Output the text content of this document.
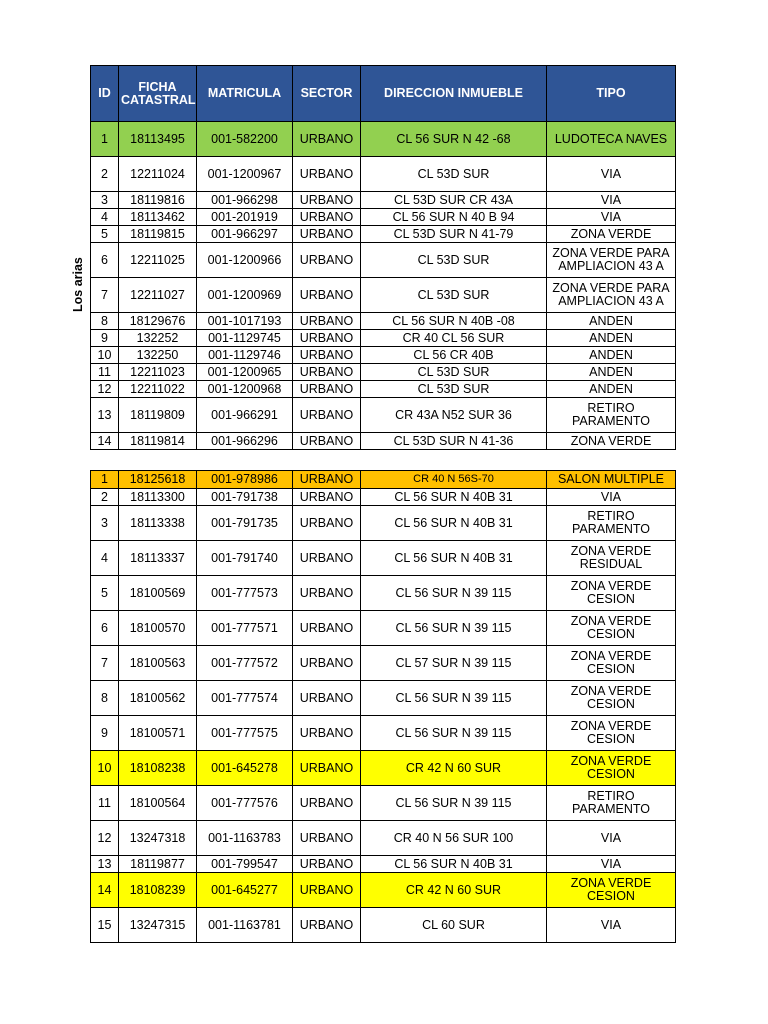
Los arias
ID	FICHA CATASTRAL	MATRICULA	SECTOR	DIRECCION INMUEBLE	TIPO
1	18113495	001-582200	URBANO	CL 56 SUR N 42 -68	LUDOTECA NAVES
2	12211024	001-1200967	URBANO	CL 53D SUR	VIA
3	18119816	001-966298	URBANO	CL 53D SUR CR 43A	VIA
4	18113462	001-201919	URBANO	CL 56 SUR N 40 B 94	VIA
5	18119815	001-966297	URBANO	CL 53D SUR N 41-79	ZONA VERDE
6	12211025	001-1200966	URBANO	CL 53D SUR	ZONA VERDE PARA AMPLIACION 43 A
7	12211027	001-1200969	URBANO	CL 53D SUR	ZONA VERDE PARA AMPLIACION 43 A
8	18129676	001-1017193	URBANO	CL 56 SUR N 40B -08	ANDEN
9	132252	001-1129745	URBANO	CR 40 CL 56 SUR	ANDEN
10	132250	001-1129746	URBANO	CL 56 CR 40B	ANDEN
11	12211023	001-1200965	URBANO	CL 53D SUR	ANDEN
12	12211022	001-1200968	URBANO	CL 53D SUR	ANDEN
13	18119809	001-966291	URBANO	CR 43A N52 SUR 36	RETIRO PARAMENTO
14	18119814	001-966296	URBANO	CL 53D SUR N 41-36	ZONA VERDE
1	18125618	001-978986	URBANO	CR 40 N 56S-70	SALON MULTIPLE
2	18113300	001-791738	URBANO	CL 56 SUR N 40B 31	VIA
3	18113338	001-791735	URBANO	CL 56 SUR N 40B 31	RETIRO PARAMENTO
4	18113337	001-791740	URBANO	CL 56 SUR N 40B 31	ZONA VERDE RESIDUAL
5	18100569	001-777573	URBANO	CL 56 SUR N 39 115	ZONA VERDE CESION
6	18100570	001-777571	URBANO	CL 56 SUR N 39 115	ZONA VERDE CESION
7	18100563	001-777572	URBANO	CL 57 SUR N 39 115	ZONA VERDE CESION
8	18100562	001-777574	URBANO	CL 56 SUR N 39 115	ZONA VERDE CESION
9	18100571	001-777575	URBANO	CL 56 SUR N 39 115	ZONA VERDE CESION
10	18108238	001-645278	URBANO	CR 42 N 60 SUR	ZONA VERDE CESION
11	18100564	001-777576	URBANO	CL 56 SUR N 39 115	RETIRO PARAMENTO
12	13247318	001-1163783	URBANO	CR 40 N 56 SUR 100	VIA
13	18119877	001-799547	URBANO	CL 56 SUR N 40B 31	VIA
14	18108239	001-645277	URBANO	CR 42 N 60 SUR	ZONA VERDE CESION
15	13247315	001-1163781	URBANO	CL 60 SUR	VIA
